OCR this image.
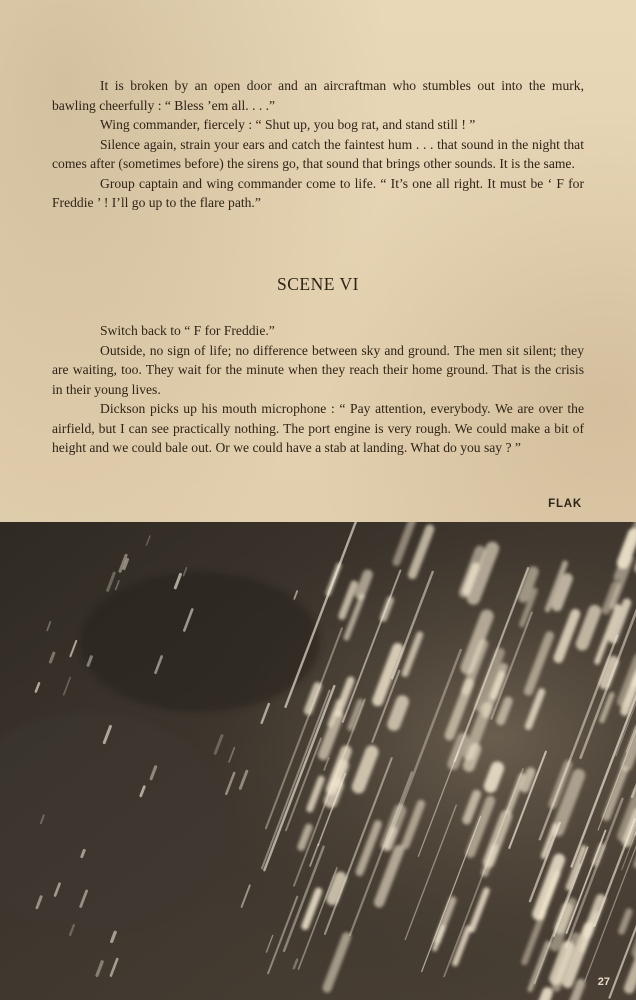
It is broken by an open door and an aircraftman who stumbles out into the murk, bawling cheerfully : “ Bless ’em all. . . .”

Wing commander, fiercely : “ Shut up, you bog rat, and stand still ! ”

Silence again, strain your ears and catch the faintest hum . . . that sound in the night that comes after (sometimes before) the sirens go, that sound that brings other sounds. It is the same.

Group captain and wing commander come to life. “ It’s one all right. It must be ‘ F for Freddie ’ ! I’ll go up to the flare path.”

SCENE VI

Switch back to “ F for Freddie.”

Outside, no sign of life; no difference between sky and ground. The men sit silent; they are waiting, too. They wait for the minute when they reach their home ground. That is the crisis in their young lives.

Dickson picks up his mouth microphone : “ Pay attention, everybody. We are over the airfield, but I can see practically nothing. The port engine is very rough. We could make a bit of height and we could bale out. Or we could have a stab at landing. What do you say ? ”

FLAK
27
